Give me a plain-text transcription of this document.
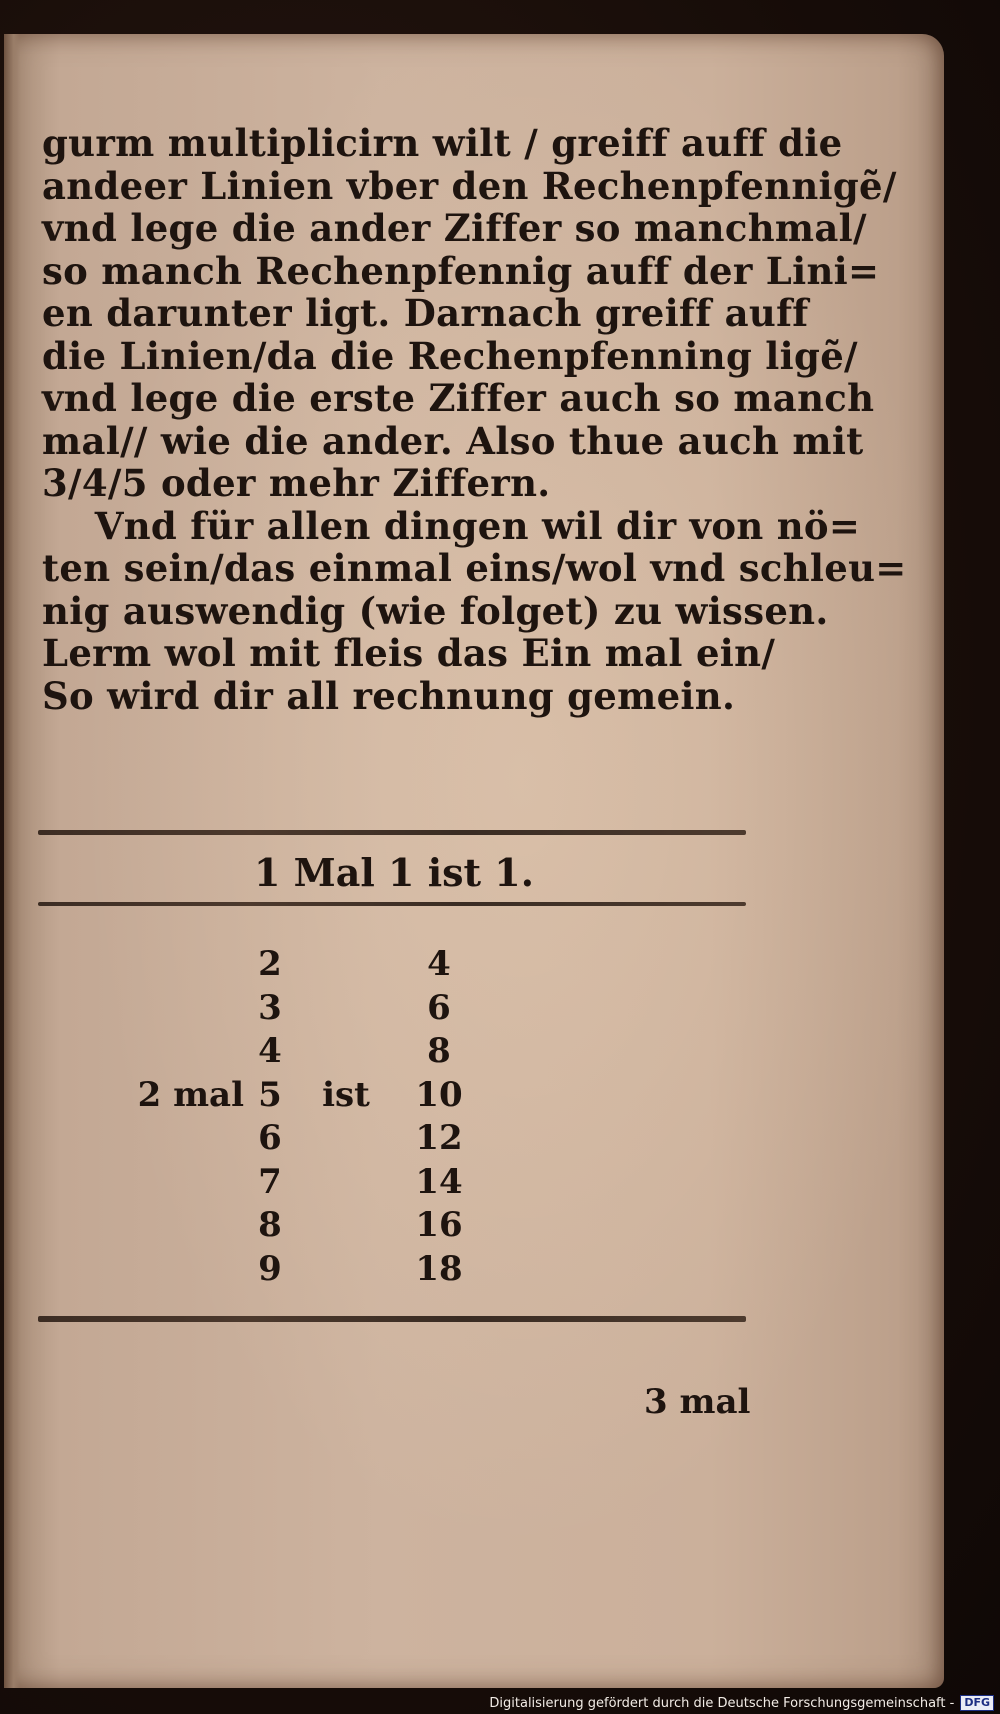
gurm multiplicirn wilt / greiff auff die
andeer Linien vber den Rechenpfennigẽ/
vnd lege die ander Ziffer so manchmal/
so manch Rechenpfennig auff der Lini=
en darunter ligt. Darnach greiff auff
die Linien/da die Rechenpfenning ligẽ/
vnd lege die erste Ziffer auch so manch
mal// wie die ander. Also thue auch mit
3/4/5 oder mehr Ziffern.
Vnd für allen dingen wil dir von nö=
ten sein/das einmal eins/wol vnd schleu=
nig auswendig (wie folget) zu wissen.
Lerm wol mit fleis das Ein mal ein/
So wird dir all rechnung gemein.
1 Mal 1 ist 1.
2	4
3	6
4	8
2 mal 5 ist	10
6	12
7	14
8	16
9	18
3 mal
Digitalisierung gefördert durch die Deutsche Forschungsgemeinschaft - DFG
